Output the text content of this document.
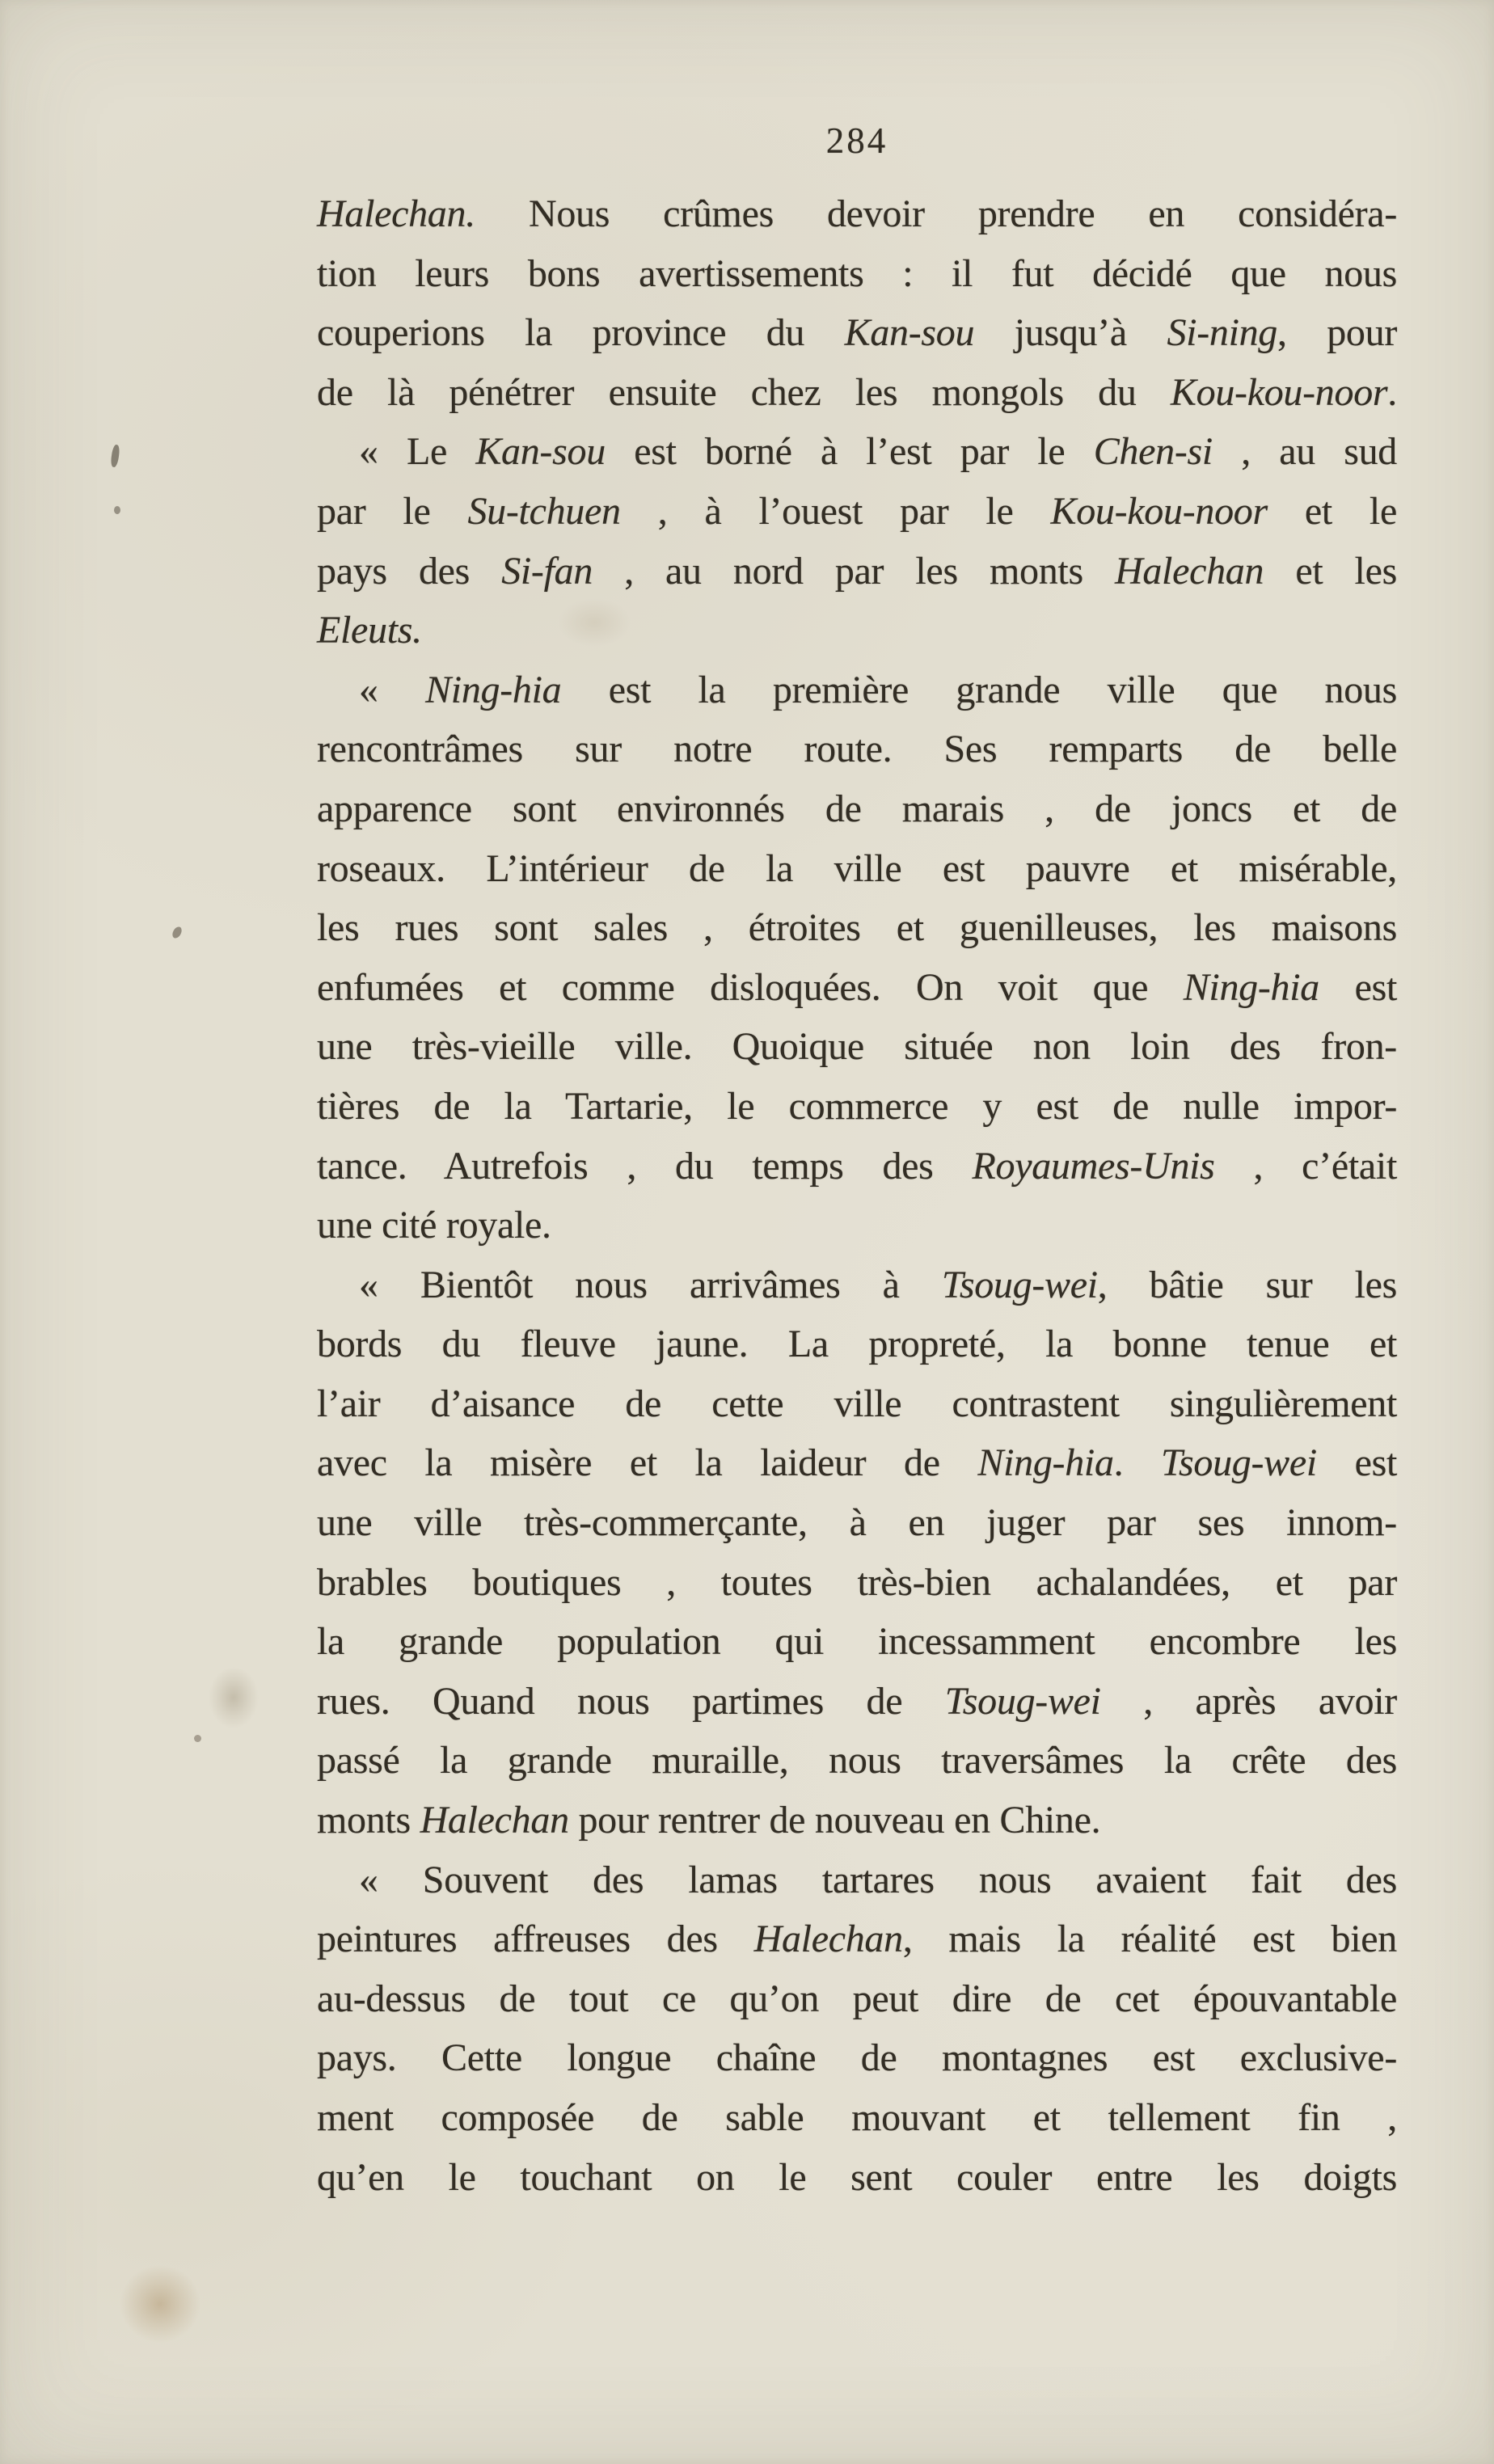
284
Halechan. Nous crûmes devoir prendre en considéra-
tion leurs bons avertissements : il fut décidé que nous
couperions la province du Kan-sou jusqu’à Si-ning, pour
de là pénétrer ensuite chez les mongols du Kou-kou-noor.
« Le Kan-sou est borné à l’est par le Chen-si , au sud
par le Su-tchuen , à l’ouest par le Kou-kou-noor et le
pays des Si-fan , au nord par les monts Halechan et les
Eleuts.
« Ning-hia est la première grande ville que nous
rencontrâmes sur notre route. Ses remparts de belle
apparence sont environnés de marais , de joncs et de
roseaux. L’intérieur de la ville est pauvre et misérable,
les rues sont sales , étroites et guenilleuses, les maisons
enfumées et comme disloquées. On voit que Ning-hia est
une très-vieille ville. Quoique située non loin des fron-
tières de la Tartarie, le commerce y est de nulle impor-
tance. Autrefois , du temps des Royaumes-Unis , c’était
une cité royale.
« Bientôt nous arrivâmes à Tsoug-wei, bâtie sur les
bords du fleuve jaune. La propreté, la bonne tenue et
l’air d’aisance de cette ville contrastent singulièrement
avec la misère et la laideur de Ning-hia. Tsoug-wei est
une ville très-commerçante, à en juger par ses innom-
brables boutiques , toutes très-bien achalandées, et par
la grande population qui incessamment encombre les
rues. Quand nous partimes de Tsoug-wei , après avoir
passé la grande muraille, nous traversâmes la crête des
monts Halechan pour rentrer de nouveau en Chine.
« Souvent des lamas tartares nous avaient fait des
peintures affreuses des Halechan, mais la réalité est bien
au-dessus de tout ce qu’on peut dire de cet épouvantable
pays. Cette longue chaîne de montagnes est exclusive-
ment composée de sable mouvant et tellement fin ,
qu’en le touchant on le sent couler entre les doigts
